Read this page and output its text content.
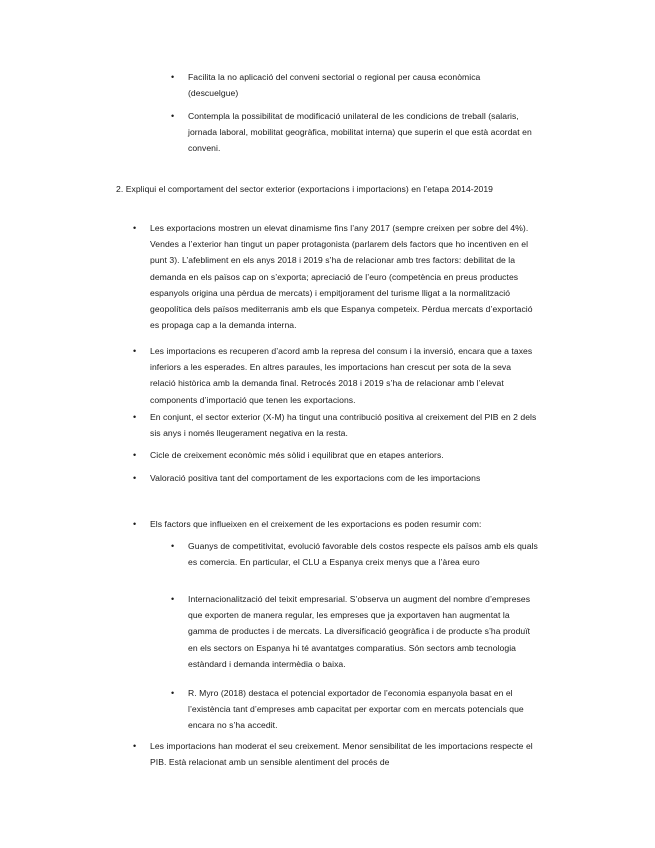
• Facilita la no aplicació del conveni sectorial o regional per causa econòmica (descuelgue)

• Contempla la possibilitat de modificació unilateral de les condicions de treball (salaris, jornada laboral, mobilitat geogràfica, mobilitat interna) que superin el que està acordat en conveni.

2. Expliqui el comportament del sector exterior (exportacions i importacions) en l’etapa 2014-2019

• Les exportacions mostren un elevat dinamisme fins l’any 2017 (sempre creixen per sobre del 4%). Vendes a l’exterior han tingut un paper protagonista (parlarem dels factors que ho incentiven en el punt 3). L’afebliment en els anys 2018 i 2019 s’ha de relacionar amb tres factors: debilitat de la demanda en els països cap on s’exporta; apreciació de l’euro (competència en preus productes espanyols origina una pèrdua de mercats) i empitjorament del turisme lligat a la normalització geopolítica dels països mediterranis amb els que Espanya competeix. Pèrdua mercats d’exportació es propaga cap a la demanda interna.

• Les importacions es recuperen d’acord amb la represa del consum i la inversió, encara que a taxes inferiors a les esperades. En altres paraules, les importacions han crescut per sota de la seva relació històrica amb la demanda final. Retrocés 2018 i 2019 s’ha de relacionar amb l’elevat components d’importació que tenen les exportacions.

• En conjunt, el sector exterior (X-M) ha tingut una contribució positiva al creixement del PIB en 2 dels sis anys i només lleugerament negativa en la resta.

• Cicle de creixement econòmic més sòlid i equilibrat que en etapes anteriors.

• Valoració positiva tant del comportament de les exportacions com de les importacions

• Els factors que influeixen en el creixement de les exportacions es poden resumir com:

• Guanys de competitivitat, evolució favorable dels costos respecte els països amb els quals es comercia. En particular, el CLU a Espanya creix menys que a l’àrea euro

• Internacionalització del teixit empresarial. S’observa un augment del nombre d’empreses que exporten de manera regular, les empreses que ja exportaven han augmentat la gamma de productes i de mercats. La diversificació geogràfica i de producte s’ha produït en els sectors on Espanya hi té avantatges comparatius. Són sectors amb tecnologia estàndard i demanda intermèdia o baixa.

• R. Myro (2018) destaca el potencial exportador de l’economia espanyola basat en el l’existència tant d’empreses amb capacitat per exportar com en mercats potencials que encara no s’ha accedit.

• Les importacions han moderat el seu creixement. Menor sensibilitat de les importacions respecte el PIB. Està relacionat amb un sensible alentiment del procés de
